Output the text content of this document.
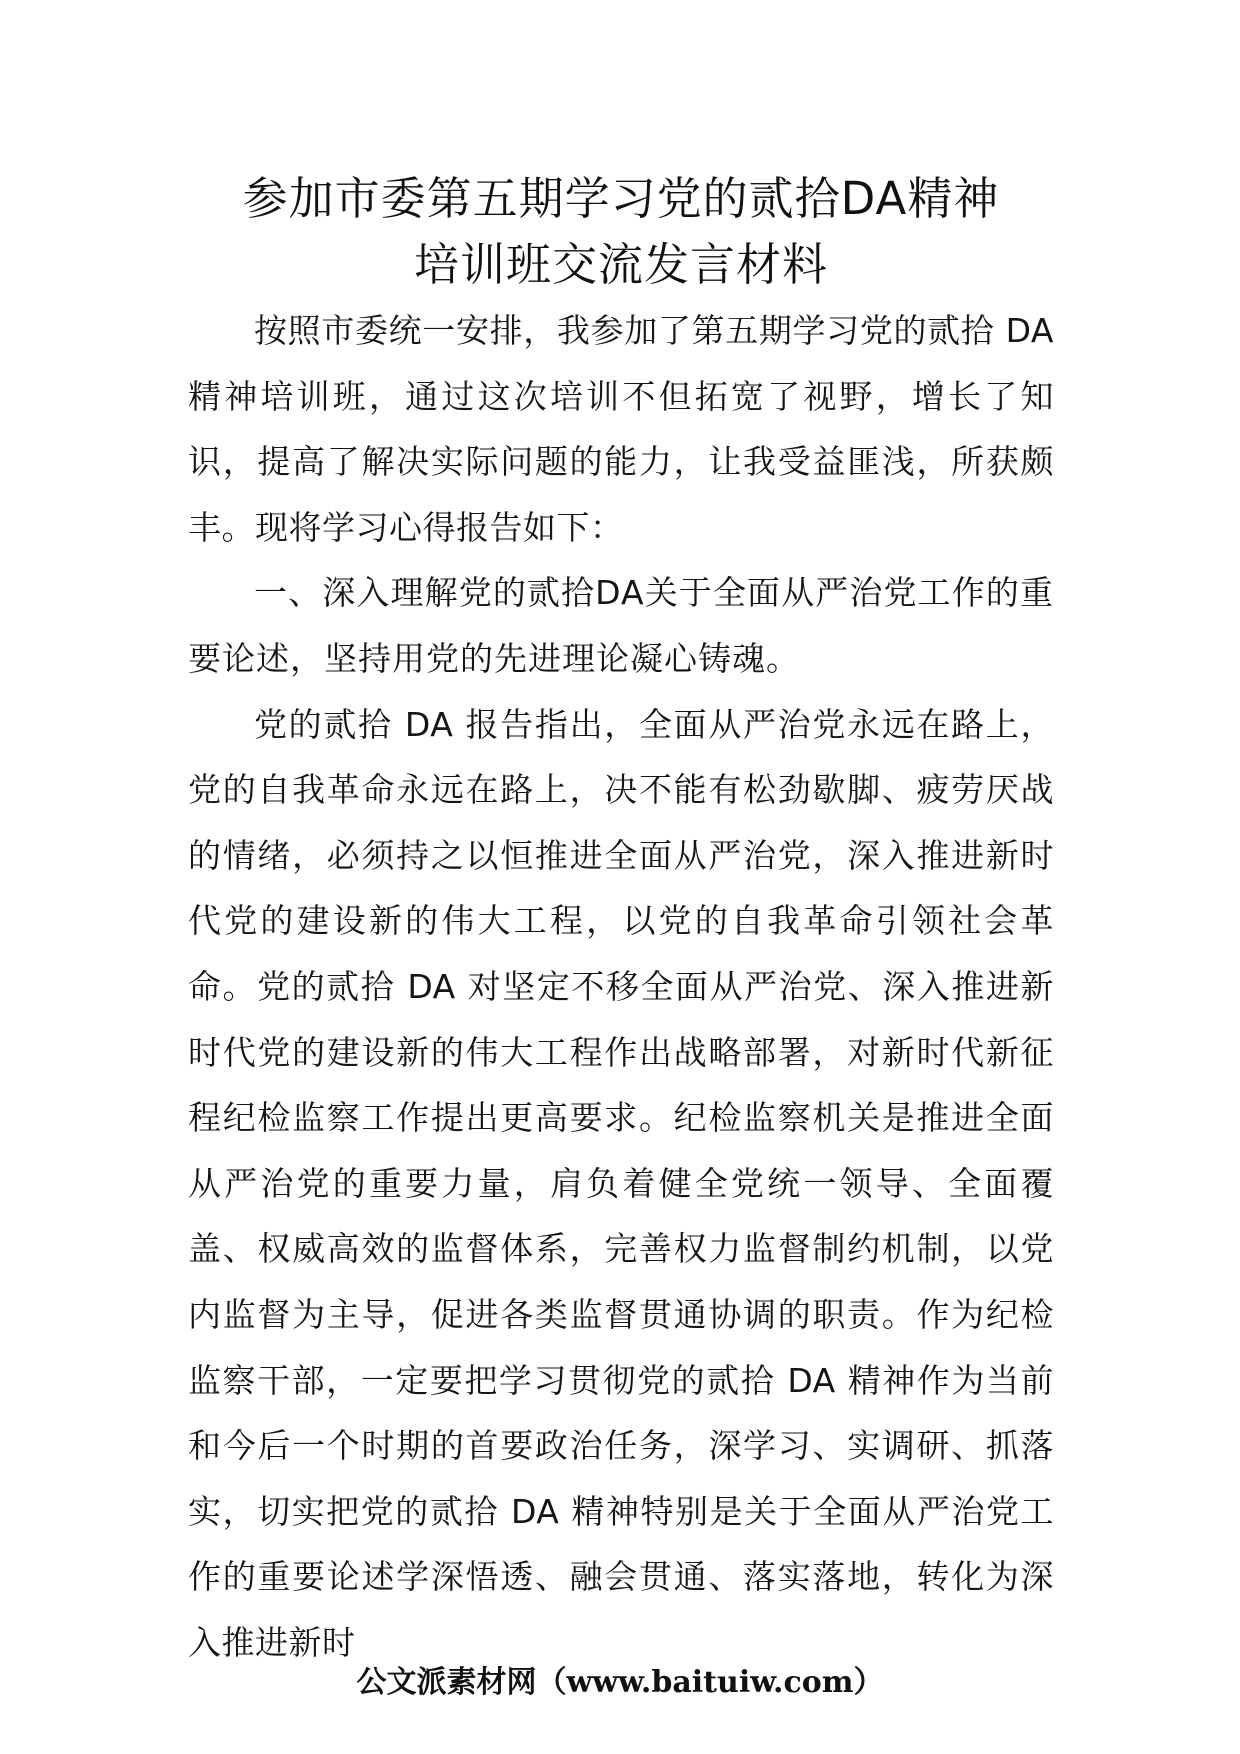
参加市委第五期学习党的贰拾DA精神
培训班交流发言材料

按照市委统一安排，我参加了第五期学习党的贰拾 DA 精神培训班，通过这次培训不但拓宽了视野，增长了知识，提高了解决实际问题的能力，让我受益匪浅，所获颇丰。现将学习心得报告如下：

一、深入理解党的贰拾DA关于全面从严治党工作的重要论述，坚持用党的先进理论凝心铸魂。

党的贰拾 DA 报告指出，全面从严治党永远在路上，党的自我革命永远在路上，决不能有松劲歇脚、疲劳厌战的情绪，必须持之以恒推进全面从严治党，深入推进新时代党的建设新的伟大工程，以党的自我革命引领社会革命。党的贰拾 DA 对坚定不移全面从严治党、深入推进新时代党的建设新的伟大工程作出战略部署，对新时代新征程纪检监察工作提出更高要求。纪检监察机关是推进全面从严治党的重要力量，肩负着健全党统一领导、全面覆盖、权威高效的监督体系，完善权力监督制约机制，以党内监督为主导，促进各类监督贯通协调的职责。作为纪检监察干部，一定要把学习贯彻党的贰拾 DA 精神作为当前和今后一个时期的首要政治任务，深学习、实调研、抓落实，切实把党的贰拾 DA 精神特别是关于全面从严治党工作的重要论述学深悟透、融会贯通、落实落地，转化为深入推进新时

公文派素材网（www.baituiw.com）
